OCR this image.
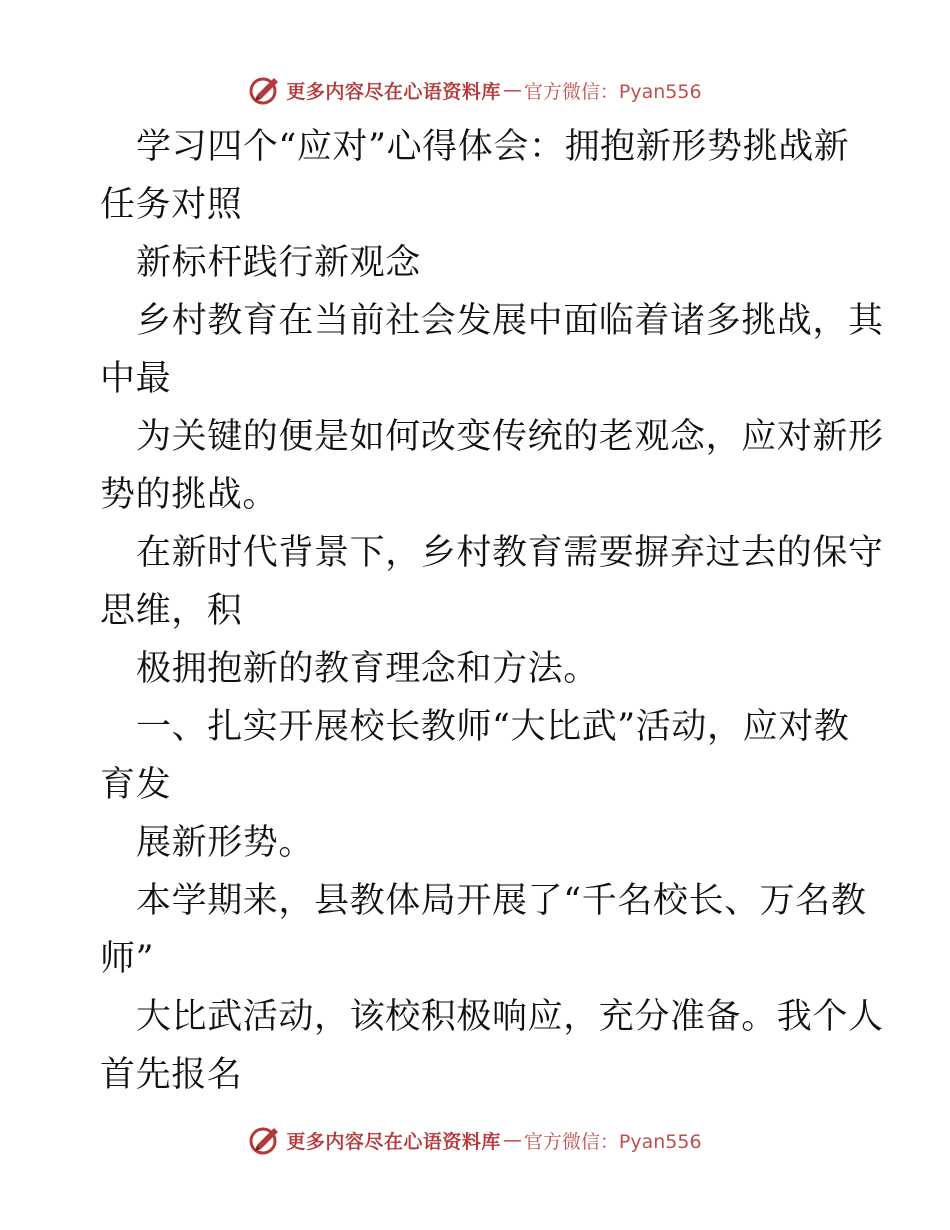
更多内容尽在心语资料库 — 官方微信：Pyan556
学习四个“应对”心得体会：拥抱新形势挑战新
任务对照
新标杆践行新观念
乡村教育在当前社会发展中面临着诸多挑战，其
中最
为关键的便是如何改变传统的老观念，应对新形
势的挑战。
在新时代背景下，乡村教育需要摒弃过去的保守
思维，积
极拥抱新的教育理念和方法。
一、扎实开展校长教师“大比武”活动，应对教
育发
展新形势。
本学期来，县教体局开展了“千名校长、万名教
师”
大比武活动，该校积极响应，充分准备。我个人
首先报名
更多内容尽在心语资料库 — 官方微信：Pyan556
